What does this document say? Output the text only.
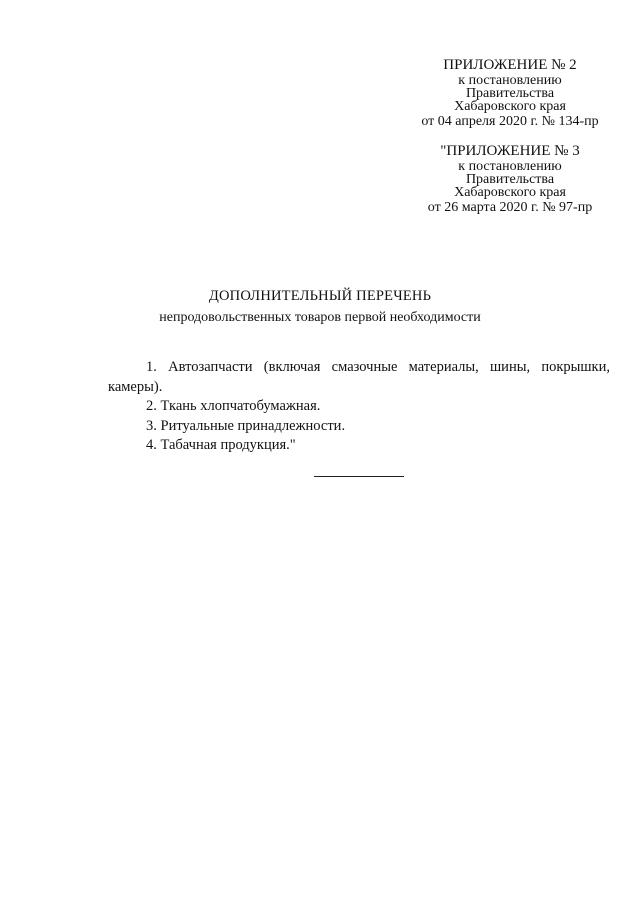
ПРИЛОЖЕНИЕ № 2
к постановлению
Правительства
Хабаровского края
от 04 апреля 2020 г. № 134-пр
"ПРИЛОЖЕНИЕ № 3
к постановлению
Правительства
Хабаровского края
от 26 марта 2020 г. № 97-пр
ДОПОЛНИТЕЛЬНЫЙ ПЕРЕЧЕНЬ
непродовольственных товаров первой необходимости

1. Автозапчасти (включая смазочные материалы, шины, покрышки, камеры).

2. Ткань хлопчатобумажная.

3. Ритуальные принадлежности.

4. Табачная продукция."
